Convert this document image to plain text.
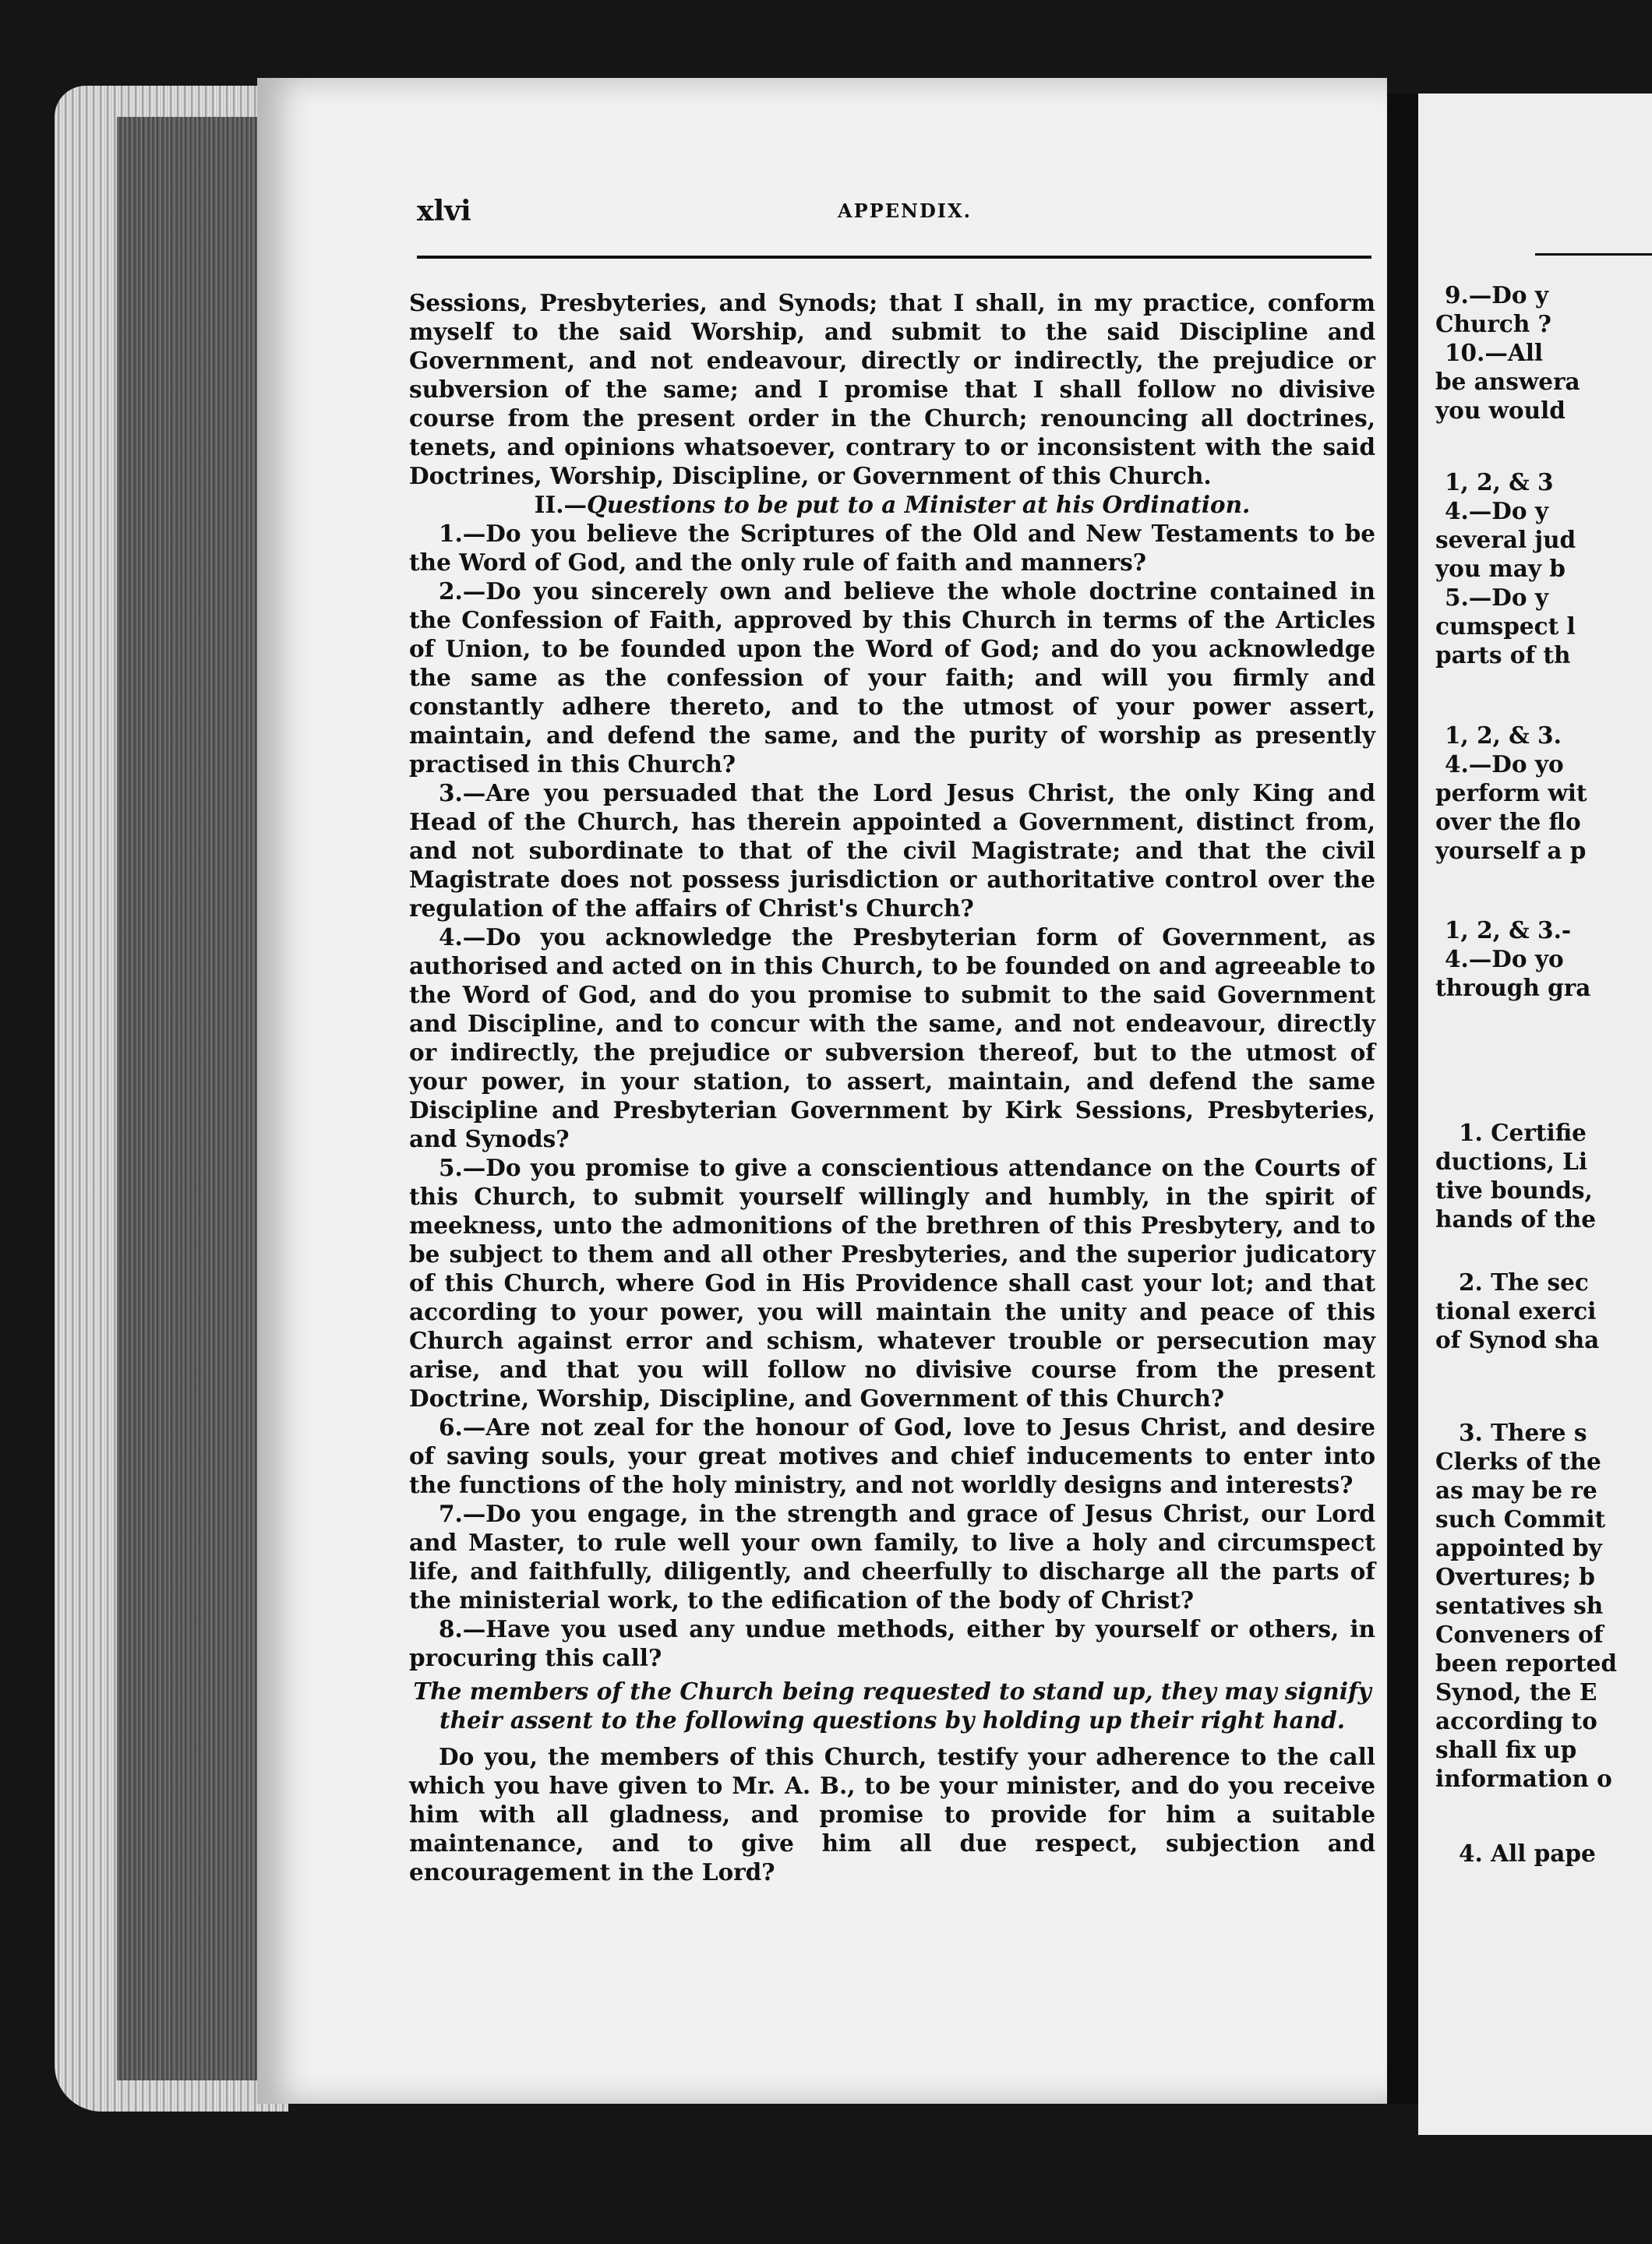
xlvi	APPENDIX.

Sessions, Presbyteries, and Synods; that I shall, in my practice, conform myself to the said Worship, and submit to the said Discipline and Government, and not endeavour, directly or indirectly, the prejudice or subversion of the same; and I promise that I shall follow no divisive course from the present order in the Church; renouncing all doctrines, tenets, and opinions whatsoever, contrary to or inconsistent with the said Doctrines, Worship, Discipline, or Government of this Church.

II.—Questions to be put to a Minister at his Ordination.

1.—Do you believe the Scriptures of the Old and New Testaments to be the Word of God, and the only rule of faith and manners?

2.—Do you sincerely own and believe the whole doctrine contained in the Confession of Faith, approved by this Church in terms of the Articles of Union, to be founded upon the Word of God; and do you acknowledge the same as the confession of your faith; and will you firmly and constantly adhere thereto, and to the utmost of your power assert, maintain, and defend the same, and the purity of worship as presently practised in this Church?

3.—Are you persuaded that the Lord Jesus Christ, the only King and Head of the Church, has therein appointed a Government, distinct from, and not subordinate to that of the civil Magistrate; and that the civil Magistrate does not possess jurisdiction or authoritative control over the regulation of the affairs of Christ's Church?

4.—Do you acknowledge the Presbyterian form of Government, as authorised and acted on in this Church, to be founded on and agreeable to the Word of God, and do you promise to submit to the said Government and Discipline, and to concur with the same, and not endeavour, directly or indirectly, the prejudice or subversion thereof, but to the utmost of your power, in your station, to assert, maintain, and defend the same Discipline and Presbyterian Government by Kirk Sessions, Presbyteries, and Synods?

5.—Do you promise to give a conscientious attendance on the Courts of this Church, to submit yourself willingly and humbly, in the spirit of meekness, unto the admonitions of the brethren of this Presbytery, and to be subject to them and all other Presbyteries, and the superior judicatory of this Church, where God in His Providence shall cast your lot; and that according to your power, you will maintain the unity and peace of this Church against error and schism, whatever trouble or persecution may arise, and that you will follow no divisive course from the present Doctrine, Worship, Discipline, and Government of this Church?

6.—Are not zeal for the honour of God, love to Jesus Christ, and desire of saving souls, your great motives and chief inducements to enter into the functions of the holy ministry, and not worldly designs and interests?

7.—Do you engage, in the strength and grace of Jesus Christ, our Lord and Master, to rule well your own family, to live a holy and circumspect life, and faithfully, diligently, and cheerfully to discharge all the parts of the ministerial work, to the edification of the body of Christ?

8.—Have you used any undue methods, either by yourself or others, in procuring this call?

The members of the Church being requested to stand up, they may signify their assent to the following questions by holding up their right hand.

Do you, the members of this Church, testify your adherence to the call which you have given to Mr. A. B., to be your minister, and do you receive him with all gladness, and promise to provide for him a suitable maintenance, and to give him all due respect, subjection and encouragement in the Lord?

9.—Do y
Church ?
10.—All
be answera
you would
1, 2, & 3
4.—Do y
several jud
you may b
5.—Do y
cumspect l
parts of th
1, 2, & 3.
4.—Do yo
perform wit
over the flo
yourself a p
1, 2, & 3.-
4.—Do yo
through gra
1. Certifie
ductions, Li
tive bounds,
hands of the
2. The sec
tional exerci
of Synod sha
3. There s
Clerks of the
as may be re
such Commit
appointed by
Overtures; b
sentatives sh
Conveners of
been reported
Synod, the E
according to
shall fix up
information o
4. All pape
